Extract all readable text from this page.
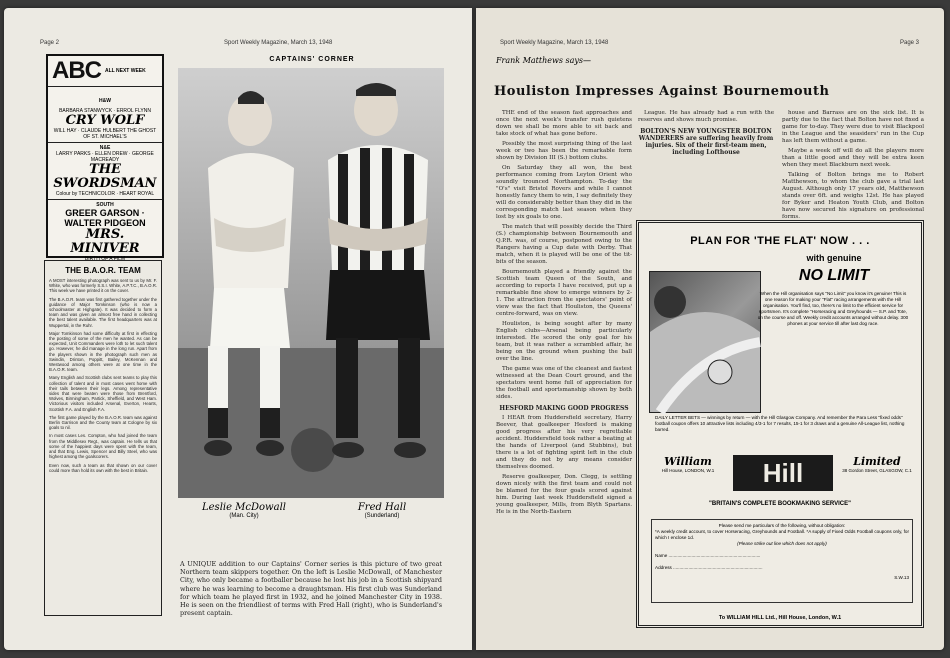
Page 2	Sport Weekly Magazine, March 13, 1948
ABC ALL NEXT WEEK
H&W
BARBARA STANWYCK · ERROL FLYNN
CRY WOLF
WILL HAY · CLAUDE HULBERT THE GHOST OF ST. MICHAEL'S
N&E
LARRY PARKS · ELLEN DREW · GEORGE MACREADY
THE SWORDSMAN
Colour by TECHNICOLOR · HEART ROYAL
SOUTH
GREER GARSON · WALTER PIDGEON
MRS. MINIVER
BIRTH OF A FILM
THE B.A.O.R. TEAM

A MOST interesting photograph was sent to us by Mr. F. White, who was formerly S.S.I. White, A.P.T.C., B.A.O.R. This week we have printed it on the cover.

The B.A.O.R. team was first gathered together under the guidance of Major Tomkinson (who is now a schoolmaster at Highgate). It was decided to form a team and was given an almost free hand in collecting the best talent available. The first headquarters was at Wuppertal, in the Ruhr.

Major Tomkinson had some difficulty at first in effecting the posting of some of the men he wanted. As can be expected, Unit Commanders were loth to let such talent go. However, he did manage in the long run. Apart from the players shown in the photograph such men as Swindin, Drinton, Poppitt, Bailey, McKennan and Westwood among others were at one time in the B.A.O.R. team.

Many English and Scottish clubs sent teams to play this collection of talent and in most cases went home with their tails between their legs. Among representative sides that were beaten were those from Brentford, Wolves, Birmingham, Partick, Sheffield, and West Ham. Victorious visitors included Arsenal, Everton, Hearts, Scottish F.A. and English F.A.

The first game played by the B.A.O.R. team was against Berlin Garrison and the County team at Cologne by six goals to nil.

In most cases Les. Compton, who had joined the team from the Middlesex Regt., was captain. He tells us that some of the happiest days were spent with the team, and that Eng. Lewis, Spencer and Billy Steel, who was highest among the goalscorers.

Even now, such a team as that shown on our cover could more than hold its own with the best in Britain.

CAPTAINS' CORNER
Leslie McDowall
(Man. City)
Fred Hall
(Sunderland)
A UNIQUE addition to our Captains' Corner series is this picture of two great Northern team skippers together. On the left is Leslie McDowall, of Manchester City, who only became a footballer because he lost his job in a Scottish shipyard where he was learning to become a draughtsman. His first club was Sunderland for which team he played first in 1932, and he joined Manchester City in 1938. He is seen on the friendliest of terms with Fred Hall (right), who is Sunderland's present captain.
Sport Weekly Magazine, March 13, 1948	Page 3
Frank Matthews says—
Houliston Impresses Against Bournemouth

THE end of the season fast approaches and once the next week's transfer rush quietens down we shall be more able to sit back and take stock of what has gone before.

Possibly the most surprising thing of the last week or two has been the remarkable form shown by Division III (S.) bottom clubs.

On Saturday they all won, the best performance coming from Leyton Orient who soundly trounced Northampton. To-day the "O's" visit Bristol Rovers and while I cannot honestly fancy them to win, I say definitely they will do considerably better than they did in the corresponding match last season when they lost by six goals to one.

The match that will possibly decide the Third (S.) championship between Bournemouth and Q.P.R. was, of course, postponed owing to the Rangers having a Cup date with Derby. That match, when it is played will be one of the tit-bits of the season.

Bournemouth played a friendly against the Scottish team Queen of the South, and according to reports I have received, put up a remarkable fine show to emerge winners by 2-1. The attraction from the spectators' point of view was the fact that Houliston, the Queens' centre-forward, was on view.

Houliston, is being sought after by many English clubs—Arsenal being particularly interested. He scored the only goal for his team, but it was rather a scrambled affair, he being on the ground when pushing the ball over the line.

The game was one of the cleanest and fastest witnessed at the Dean Court ground, and the spectators went home full of appreciation for the football and sportsmanship shown by both sides.

HESFORD MAKING GOOD PROGRESS

I HEAR from Huddersfield secretary, Harry Beever, that goalkeeper Hesford is making good progress after his very regrettable accident. Huddersfield took rather a beating at the hands of Liverpool (and Stubbins), but there is a lot of fighting spirit left in the club and they do not by any means consider themselves doomed.

Reserve goalkeeper, Don. Clegg, is settling down nicely with the first team and could not be blamed for the four goals scored against him. During last week Huddersfield signed a young goalkeeper, Mills, from Blyth Spartans. He is in the North-Eastern

League. He has already had a run with the reserves and shows much promise.

BOLTON'S NEW YOUNGSTER BOLTON WANDERERS are suffering heavily from injuries. Six of their first-team men, including Lofthouse

house and Barrass are on the sick list. It is partly due to the fact that Bolton have not fixed a game for to-day. They were due to visit Blackpool in the League and the seasiders' run in the Cup has left them without a game.

Maybe a week off will do all the players more than a little good and they will be extra keen when they meet Blackburn next week.

Talking of Bolton brings me to Robert Matthewson, to whom the club gave a trial last August. Although only 17 years old, Matthewson stands over 6ft. and weighs 12st. He has played for Byker and Heaton Youth Club, and Bolton have now secured his signature on professional forms.

PLAN FOR 'THE FLAT' NOW . . .
with genuine
NO LIMIT
When the Hill organisation says "No Limit" you know it's genuine! This is one reason for making your "Flat" racing arrangements with the Hill organisation. You'll find, too, there's no limit to the efficient service for sportsmen. It's complete "Horseracing and Greyhounds — S.P. and Tote, on the course and off. Weekly credit accounts arranged without delay. 300 phones at your service till after last dog race.
DAILY LETTER BETS — winnings by return — with the Hill Glasgow Company. And remember the Para Less "fixed odds" football coupon offers 10 attractive lists including 4/3-1 for 7 results, 15-1 for 3 draws and a genuine All-League list, nothing barred.
William
Hill House, LONDON, W.1	Hill	Limited
38 Gordon Street, GLASGOW, C.1
"BRITAIN'S COMPLETE BOOKMAKING SERVICE"
Please send me particulars of the following, without obligation:
*A weekly credit account, to cover Horseracing, Greyhounds and Football. *A supply of Fixed Odds Football coupons only, for which I enclose 1d.
(Please strike out line which does not apply)
Name ........................................................................
Address ......................................................................
S.W.13
To WILLIAM HILL Ltd., Hill House, London, W.1
